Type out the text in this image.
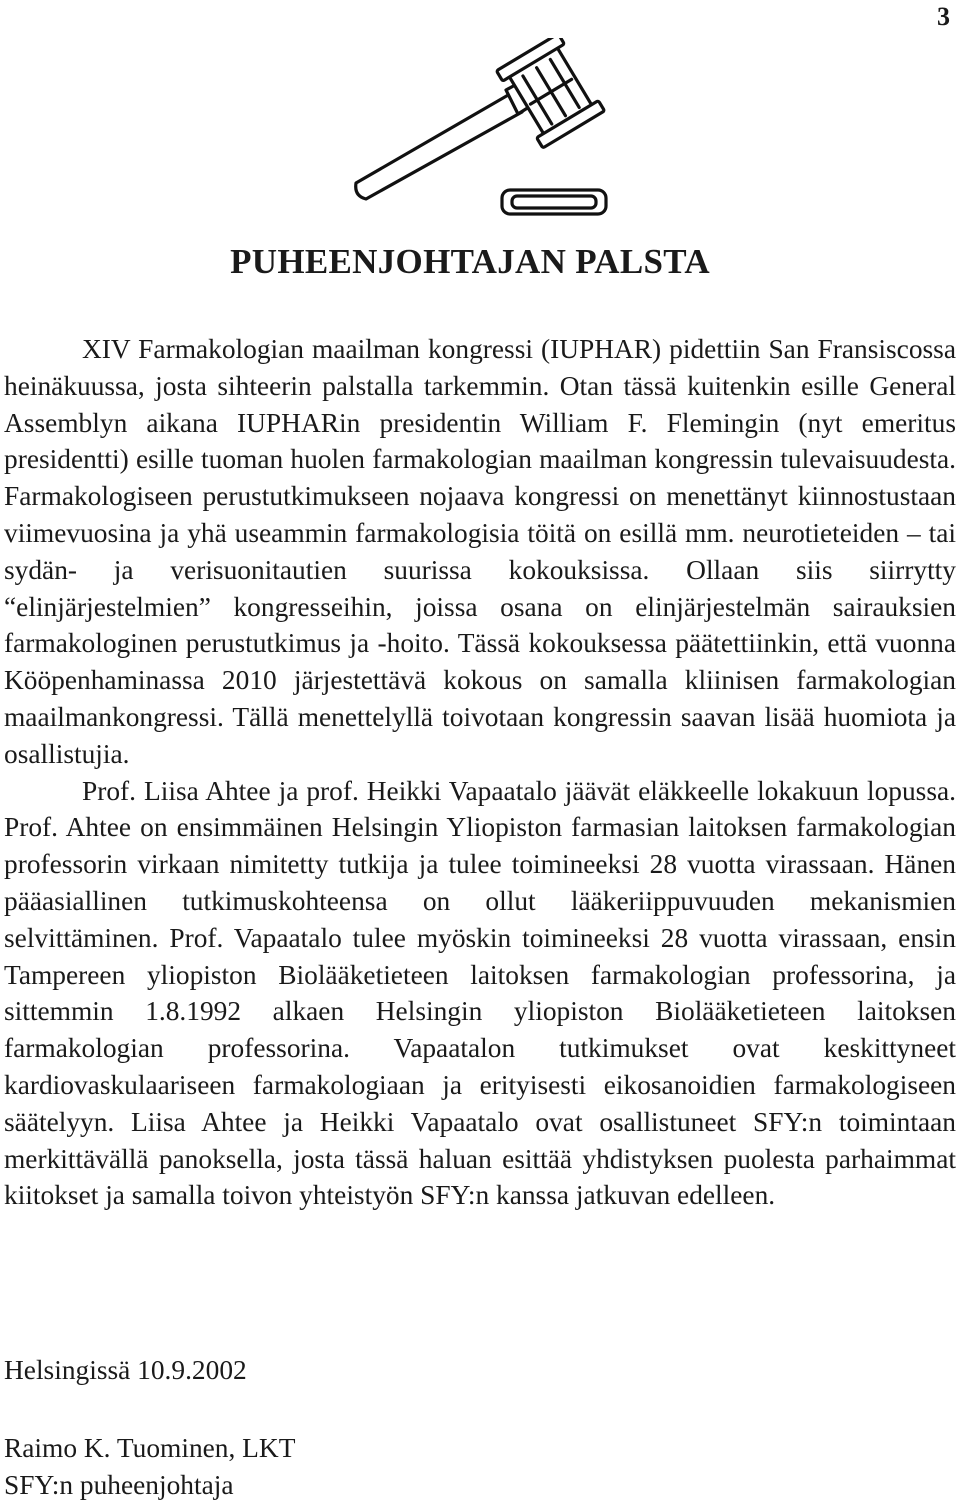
3
PUHEENJOHTAJAN PALSTA

XIV Farmakologian maailman kongressi (IUPHAR) pidettiin San Fransiscossa heinäkuussa, josta sihteerin palstalla tarkemmin. Otan tässä kuitenkin esille General Assemblyn aikana IUPHARin presidentin William F. Flemingin (nyt emeritus presidentti) esille tuoman huolen farmakologian maailman kongressin tulevaisuudesta. Farmakologiseen perustutkimukseen nojaava kongressi on menettänyt kiinnostustaan viimevuosina ja yhä useammin farmakologisia töitä on esillä mm. neurotieteiden – tai sydän- ja verisuonitautien suurissa kokouksissa. Ollaan siis siirrytty “elinjärjestelmien” kongresseihin, joissa osana on elinjärjestelmän sairauksien farmakologinen perustutkimus ja -hoito. Tässä kokouksessa päätettiinkin, että vuonna Kööpenhaminassa 2010 järjestettävä kokous on samalla kliinisen farmakologian maailmankongressi. Tällä menettelyllä toivotaan kongressin saavan lisää huomiota ja osallistujia.

Prof. Liisa Ahtee ja prof. Heikki Vapaatalo jäävät eläkkeelle lokakuun lopussa. Prof. Ahtee on ensimmäinen Helsingin Yliopiston farmasian laitoksen farmakologian professorin virkaan nimitetty tutkija ja tulee toimineeksi 28 vuotta virassaan. Hänen pääasiallinen tutkimuskohteensa on ollut lääkeriippuvuuden mekanismien selvittäminen. Prof. Vapaatalo tulee myöskin toimineeksi 28 vuotta virassaan, ensin Tampereen yliopiston Biolääketieteen laitoksen farmakologian professorina, ja sittemmin 1.8.1992 alkaen Helsingin yliopiston Biolääketieteen laitoksen farmakologian professorina. Vapaatalon tutkimukset ovat keskittyneet kardiovaskulaariseen farmakologiaan ja erityisesti eikosanoidien farmakologiseen säätelyyn. Liisa Ahtee ja Heikki Vapaatalo ovat osallistuneet SFY:n toimintaan merkittävällä panoksella, josta tässä haluan esittää yhdistyksen puolesta parhaimmat kiitokset ja samalla toivon yhteistyön SFY:n kanssa jatkuvan edelleen.

Helsingissä 10.9.2002

Raimo K. Tuominen, LKT

SFY:n puheenjohtaja
